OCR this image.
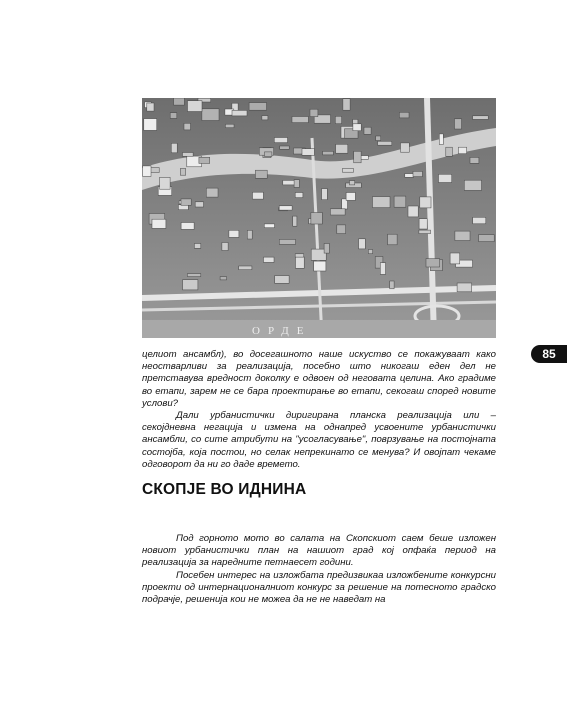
ОРДЕ
85

целиот ансамбл), во досегашното наше искуство се покажуваат како неостварливи за реализација, посебно што никогаш еден дел не претставува вредност доколку е одвоен од неговата целина. Ако градиме во етапи, зарем не се бара проектирање во етапи, секогаш според новите услови?

Дали урбанистички диригирана планска реализација или – секојдневна негација и измена на однапред усвоените урбанистички ансамбли, со сите атрибути на "усогласување", поврзување на постојната состојба, која постои, но селак непрекинато се менува? И овојпат чекаме одговорот да ни го даде времето.

СКОПЈЕ ВО ИДНИНА

Под горното мото во салата на Скопскиот саем беше изложен новиот урбанистички план на нашиот град кој опфаќа период на реализација за наредните петнаесет години.

Посебен интерес на изложбата предизвикаа изложбените конкурсни проекти од интернационалниот конкурс за решение на потесното градско подрачје, решенија кои не можеа да не не наведат на
